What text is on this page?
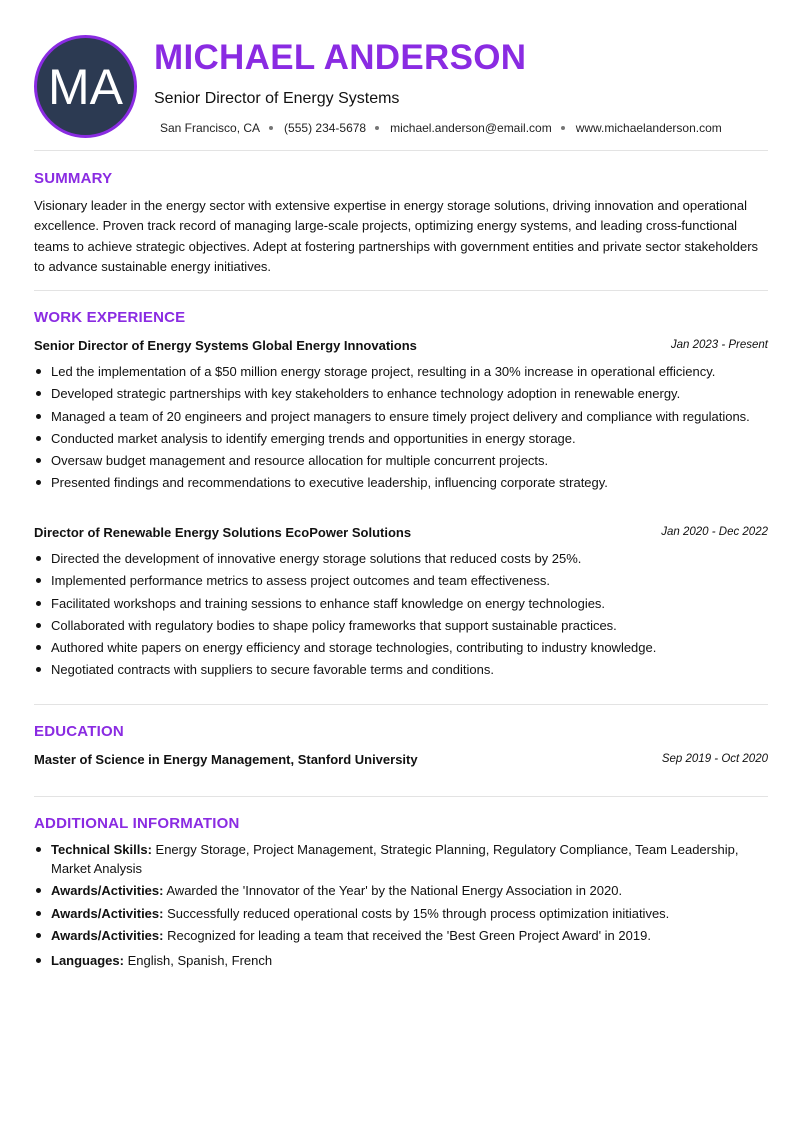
MA
MICHAEL ANDERSON
Senior Director of Energy Systems
San Francisco, CA (555) 234-5678 michael.anderson@email.com www.michaelanderson.com
SUMMARY
Visionary leader in the energy sector with extensive expertise in energy storage solutions, driving innovation and operational excellence. Proven track record of managing large-scale projects, optimizing energy systems, and leading cross-functional teams to achieve strategic objectives. Adept at fostering partnerships with government entities and private sector stakeholders to advance sustainable energy initiatives.
WORK EXPERIENCE
Senior Director of Energy Systems Global Energy Innovations	Jan 2023 - Present
Led the implementation of a $50 million energy storage project, resulting in a 30% increase in operational efficiency.
Developed strategic partnerships with key stakeholders to enhance technology adoption in renewable energy.
Managed a team of 20 engineers and project managers to ensure timely project delivery and compliance with regulations.
Conducted market analysis to identify emerging trends and opportunities in energy storage.
Oversaw budget management and resource allocation for multiple concurrent projects.
Presented findings and recommendations to executive leadership, influencing corporate strategy.
Director of Renewable Energy Solutions EcoPower Solutions	Jan 2020 - Dec 2022
Directed the development of innovative energy storage solutions that reduced costs by 25%.
Implemented performance metrics to assess project outcomes and team effectiveness.
Facilitated workshops and training sessions to enhance staff knowledge on energy technologies.
Collaborated with regulatory bodies to shape policy frameworks that support sustainable practices.
Authored white papers on energy efficiency and storage technologies, contributing to industry knowledge.
Negotiated contracts with suppliers to secure favorable terms and conditions.
EDUCATION
Master of Science in Energy Management, Stanford University	Sep 2019 - Oct 2020
ADDITIONAL INFORMATION
Technical Skills: Energy Storage, Project Management, Strategic Planning, Regulatory Compliance, Team Leadership, Market Analysis
Awards/Activities: Awarded the 'Innovator of the Year' by the National Energy Association in 2020.
Awards/Activities: Successfully reduced operational costs by 15% through process optimization initiatives.
Awards/Activities: Recognized for leading a team that received the 'Best Green Project Award' in 2019.
Languages: English, Spanish, French
